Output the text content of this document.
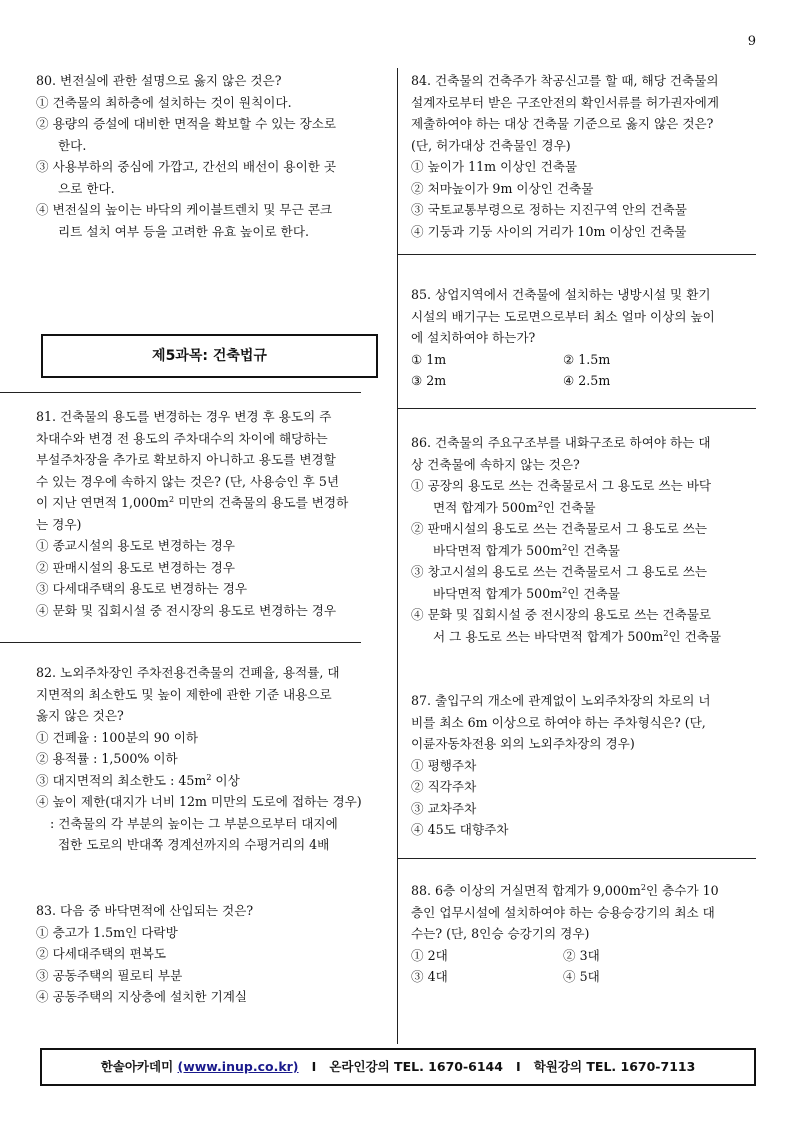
9
80. 변전실에 관한 설명으로 옳지 않은 것은?
① 건축물의 최하층에 설치하는 것이 원칙이다.
② 용량의 증설에 대비한 면적을 확보할 수 있는 장소로
한다.
③ 사용부하의 중심에 가깝고, 간선의 배선이 용이한 곳
으로 한다.
④ 변전실의 높이는 바닥의 케이블트렌치 및 무근 콘크
리트 설치 여부 등을 고려한 유효 높이로 한다.
제5과목: 건축법규
81. 건축물의 용도를 변경하는 경우 변경 후 용도의 주
차대수와 변경 전 용도의 주차대수의 차이에 해당하는
부설주차장을 추가로 확보하지 아니하고 용도를 변경할
수 있는 경우에 속하지 않는 것은? (단, 사용승인 후 5년
이 지난 연면적 $1,000m^2$ 미만의 건축물의 용도를 변경하
는 경우)
① 종교시설의 용도로 변경하는 경우
② 판매시설의 용도로 변경하는 경우
③ 다세대주택의 용도로 변경하는 경우
④ 문화 및 집회시설 중 전시장의 용도로 변경하는 경우
82. 노외주차장인 주차전용건축물의 건폐율, 용적률, 대
지면적의 최소한도 및 높이 제한에 관한 기준 내용으로
옳지 않은 것은?
① 건폐율 : 100분의 90 이하
② 용적률 : 1,500% 이하
③ 대지면적의 최소한도 : $45m^2$ 이상
④ 높이 제한(대지가 너비 12m 미만의 도로에 접하는 경우)
: 건축물의 각 부분의 높이는 그 부분으로부터 대지에
접한 도로의 반대쪽 경계선까지의 수평거리의 4배
83. 다음 중 바닥면적에 산입되는 것은?
① 층고가 1.5m인 다락방
② 다세대주택의 편복도
③ 공동주택의 필로티 부분
④ 공동주택의 지상층에 설치한 기계실
84. 건축물의 건축주가 착공신고를 할 때, 해당 건축물의
설계자로부터 받은 구조안전의 확인서류를 허가권자에게
제출하여야 하는 대상 건축물 기준으로 옳지 않은 것은?
(단, 허가대상 건축물인 경우)
① 높이가 11m 이상인 건축물
② 처마높이가 9m 이상인 건축물
③ 국토교통부령으로 정하는 지진구역 안의 건축물
④ 기둥과 기둥 사이의 거리가 10m 이상인 건축물
85. 상업지역에서 건축물에 설치하는 냉방시설 및 환기
시설의 배기구는 도로면으로부터 최소 얼마 이상의 높이
에 설치하여야 하는가?
① 1m	② 1.5m
③ 2m	④ 2.5m
86. 건축물의 주요구조부를 내화구조로 하여야 하는 대
상 건축물에 속하지 않는 것은?
① 공장의 용도로 쓰는 건축물로서 그 용도로 쓰는 바닥
면적 합계가 $500m^2$인 건축물
② 판매시설의 용도로 쓰는 건축물로서 그 용도로 쓰는
바닥면적 합계가 $500m^2$인 건축물
③ 창고시설의 용도로 쓰는 건축물로서 그 용도로 쓰는
바닥면적 합계가 $500m^2$인 건축물
④ 문화 및 집회시설 중 전시장의 용도로 쓰는 건축물로
서 그 용도로 쓰는 바닥면적 합계가 $500m^2$인 건축물
87. 출입구의 개소에 관계없이 노외주차장의 차로의 너
비를 최소 6m 이상으로 하여야 하는 주차형식은? (단,
이륜자동차전용 외의 노외주차장의 경우)
① 평행주차
② 직각주차
③ 교차주차
④ 45도 대향주차
88. 6층 이상의 거실면적 합계가 $9,000m^2$인 층수가 10
층인 업무시설에 설치하여야 하는 승용승강기의 최소 대
수는? (단, 8인승 승강기의 경우)
① 2대	② 3대
③ 4대	④ 5대
한솔아카데미 (www.inup.co.kr) I 온라인강의 TEL. 1670-6144 I 학원강의 TEL. 1670-7113
